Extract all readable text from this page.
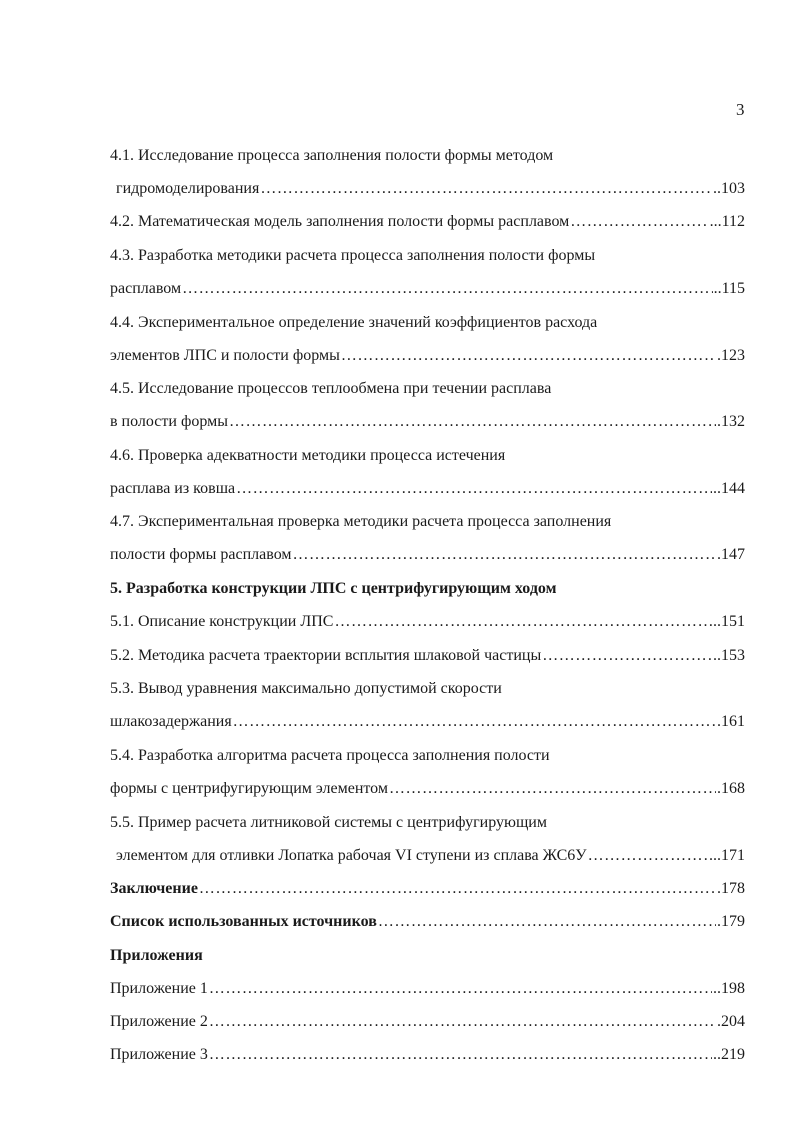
3
4.1. Исследование процесса заполнения полости формы методом
гидромоделирования ………………………………………………………………………………………………………………………………………………………………………………………………	..103
4.2. Математическая модель заполнения полости формы расплавом ………………………………………………………………………………………………………………………………………………………………………………………………	...112
4.3. Разработка методики расчета процесса заполнения полости формы
расплавом ………………………………………………………………………………………………………………………………………………………………………………………………	..115
4.4. Экспериментальное определение значений коэффициентов расхода
элементов ЛПС и полости формы ………………………………………………………………………………………………………………………………………………………………………………………………	.123
4.5. Исследование процессов теплообмена при течении расплава
в полости формы ………………………………………………………………………………………………………………………………………………………………………………………………	.132
4.6. Проверка адекватности методики процесса истечения
расплава из ковша ………………………………………………………………………………………………………………………………………………………………………………………………	..144
4.7. Экспериментальная проверка методики расчета процесса заполнения
полости формы расплавом ………………………………………………………………………………………………………………………………………………………………………………………………	.147
5. Разработка конструкции ЛПС с центрифугирующим ходом
5.1. Описание конструкции ЛПС ………………………………………………………………………………………………………………………………………………………………………………………………	..151
5.2. Методика расчета траектории всплытия шлаковой частицы ………………………………………………………………………………………………………………………………………………………………………………………………	..153
5.3. Вывод уравнения максимально допустимой скорости
шлакозадержания ………………………………………………………………………………………………………………………………………………………………………………………………	.161
5.4. Разработка алгоритма расчета процесса заполнения полости
формы с центрифугирующим элементом ………………………………………………………………………………………………………………………………………………………………………………………………	.168
5.5. Пример расчета литниковой системы с центрифугирующим
элементом для отливки Лопатка рабочая VI ступени из сплава ЖС6У ………………………………………………………………………………………………………………………………………………………………………………………………	...171
Заключение ………………………………………………………………………………………………………………………………………………………………………………………………	.178
Список использованных источников ………………………………………………………………………………………………………………………………………………………………………………………………	.179
Приложения
Приложение 1 ………………………………………………………………………………………………………………………………………………………………………………………………	..198
Приложение 2 ………………………………………………………………………………………………………………………………………………………………………………………………	.204
Приложение 3 ………………………………………………………………………………………………………………………………………………………………………………………………	..219
